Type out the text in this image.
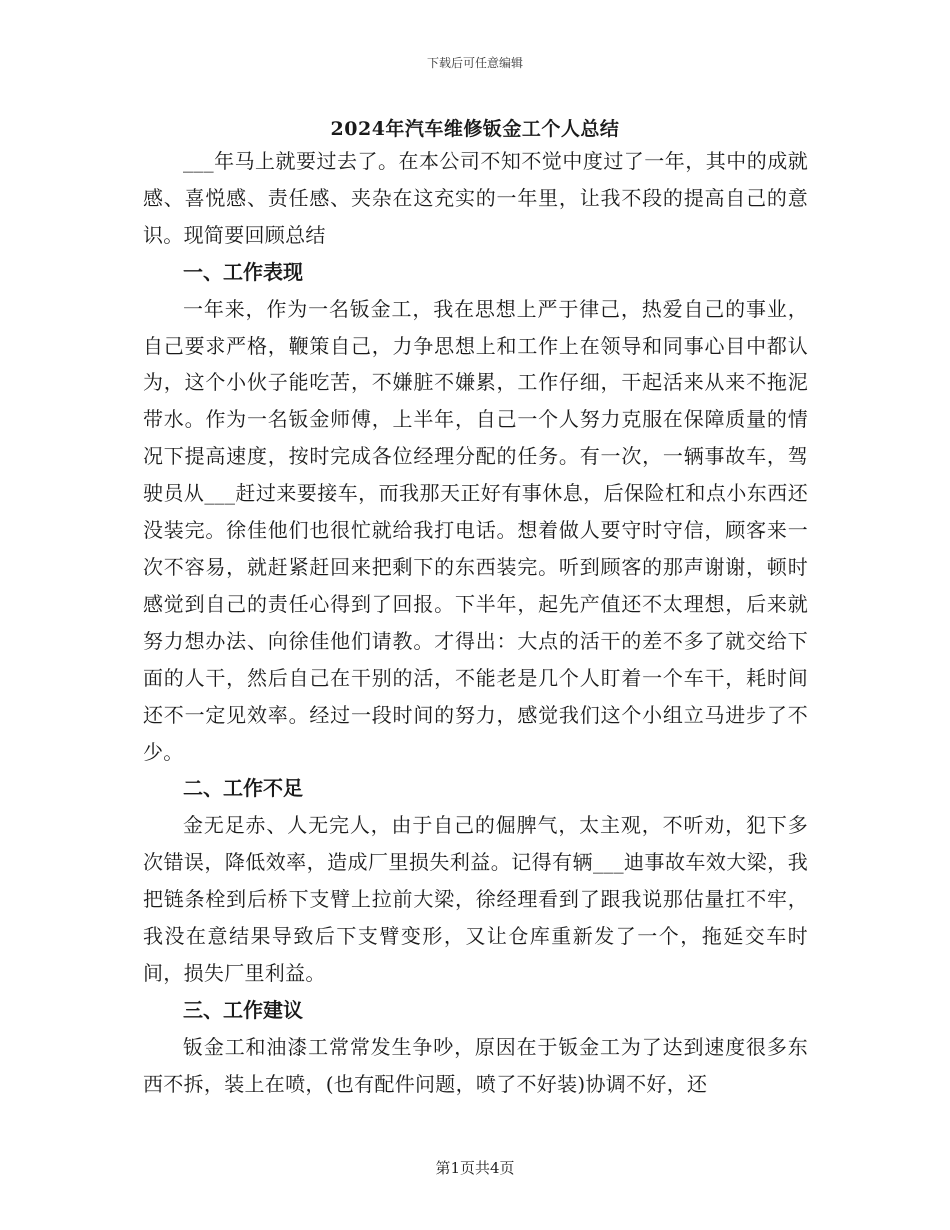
下载后可任意编辑
2024年汽车维修钣金工个人总结

___年马上就要过去了。在本公司不知不觉中度过了一年，其中的成就感、喜悦感、责任感、夹杂在这充实的一年里，让我不段的提高自己的意识。现简要回顾总结

一、工作表现

一年来，作为一名钣金工，我在思想上严于律己，热爱自己的事业，自己要求严格，鞭策自己，力争思想上和工作上在领导和同事心目中都认为，这个小伙子能吃苦，不嫌脏不嫌累，工作仔细，干起活来从来不拖泥带水。作为一名钣金师傅，上半年，自己一个人努力克服在保障质量的情况下提高速度，按时完成各位经理分配的任务。有一次，一辆事故车，驾驶员从___赶过来要接车，而我那天正好有事休息，后保险杠和点小东西还没装完。徐佳他们也很忙就给我打电话。想着做人要守时守信，顾客来一次不容易，就赶紧赶回来把剩下的东西装完。听到顾客的那声谢谢，顿时感觉到自己的责任心得到了回报。下半年，起先产值还不太理想，后来就努力想办法、向徐佳他们请教。才得出：大点的活干的差不多了就交给下面的人干，然后自己在干别的活，不能老是几个人盯着一个车干，耗时间还不一定见效率。经过一段时间的努力，感觉我们这个小组立马进步了不少。

二、工作不足

金无足赤、人无完人，由于自己的倔脾气，太主观，不听劝，犯下多次错误，降低效率，造成厂里损失利益。记得有辆___迪事故车效大梁，我把链条栓到后桥下支臂上拉前大梁，徐经理看到了跟我说那估量扛不牢，我没在意结果导致后下支臂变形，又让仓库重新发了一个，拖延交车时间，损失厂里利益。

三、工作建议

钣金工和油漆工常常发生争吵，原因在于钣金工为了达到速度很多东西不拆，装上在喷，(也有配件问题，喷了不好装)协调不好，还

第1页共4页
